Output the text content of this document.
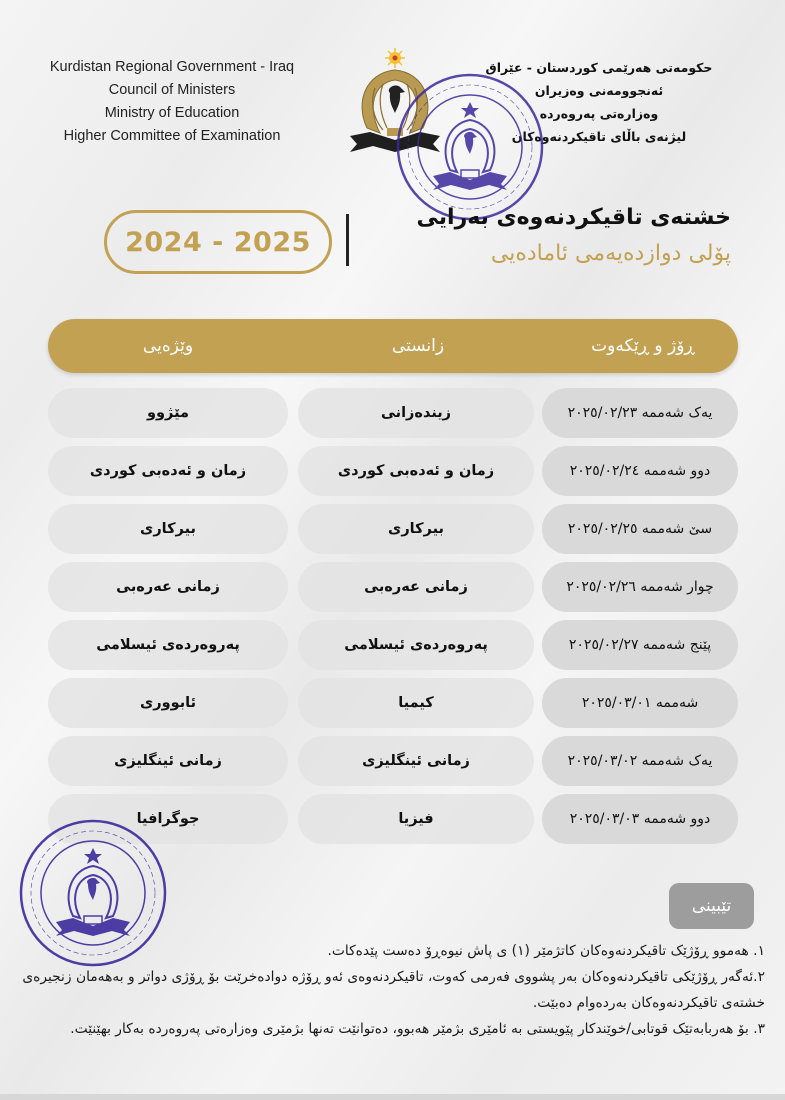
Kurdistan Regional Government - Iraq
Council of Ministers
Ministry of Education
Higher Committee of Examination
حکومەتی هەرێمی کوردستان - عێراق
ئەنجوومەنی وەزیران
وەزارەتی پەروەردە
لیژنەی باڵای تاقیکردنەوەکان
2024 - 2025
خشتەی تاقیکردنەوەی بەرایی
پۆلی دوازدەیەمی ئامادەیی
ڕۆژ و ڕێکەوت
زانستی
وێژەیی
یەک شەممە ٢٠٢٥/٠٢/٢٣
زیندەزانی
مێژوو
دوو شەممە ٢٠٢٥/٠٢/٢٤
زمان و ئەدەبی کوردی
زمان و ئەدەبی کوردی
سێ شەممە ٢٠٢٥/٠٢/٢٥
بیرکاری
بیرکاری
چوار شەممە ٢٠٢٥/٠٢/٢٦
زمانی عەرەبی
زمانی عەرەبی
پێنج شەممە ٢٠٢٥/٠٢/٢٧
پەروەردەی ئیسلامی
پەروەردەی ئیسلامی
شەممە ٢٠٢٥/٠٣/٠١
کیمیا
ئابووری
یەک شەممە ٢٠٢٥/٠٣/٠٢
زمانی ئینگلیزی
زمانی ئینگلیزی
دوو شەممە ٢٠٢٥/٠٣/٠٣
فیزیا
جوگرافیا
تێبینی

١. هەموو ڕۆژێک تاقیکردنەوەکان کاتژمێر (١) ی پاش نیوەڕۆ دەست پێدەکات.

٢.ئەگەر ڕۆژێکی تاقیکردنەوەکان بەر پشووی فەرمی کەوت، تاقیکردنەوەی ئەو ڕۆژە دوادەخرێت بۆ ڕۆژی دواتر و بەهەمان زنجیرەی خشتەی تاقیکردنەوەکان بەردەوام دەبێت.

٣. بۆ هەربابەتێک قوتابی/خوێندکار پێویستی بە ئامێری بژمێر هەبوو، دەتوانێت تەنها بژمێری وەزارەتی پەروەردە بەکار بهێنێت.
